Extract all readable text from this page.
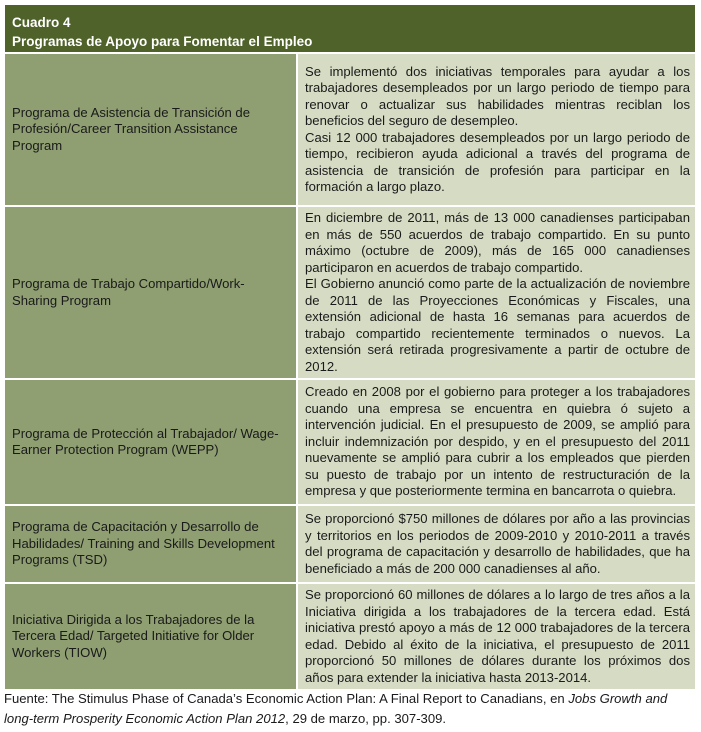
Cuadro 4
Programas de Apoyo para Fomentar el Empleo
Programa de Asistencia de Transición de Profesión/Career Transition Assistance Program	Se implementó dos iniciativas temporales para ayudar a los trabajadores desempleados por un largo periodo de tiempo para renovar o actualizar sus habilidades mientras reciblan los beneficios del seguro de desempleo.
Casi 12 000 trabajadores desempleados por un largo periodo de tiempo, recibieron ayuda adicional a través del programa de asistencia de transición de profesión para participar en la formación a largo plazo.

Programa de Trabajo Compartido/Work-Sharing Program	En diciembre de 2011, más de 13 000 canadienses participaban en más de 550 acuerdos de trabajo compartido. En su punto máximo (octubre de 2009), más de 165 000 canadienses participaron en acuerdos de trabajo compartido.
El Gobierno anunció como parte de la actualización de noviembre de 2011 de las Proyecciones Económicas y Fiscales, una extensión adicional de hasta 16 semanas para acuerdos de trabajo compartido recientemente terminados o nuevos. La extensión será retirada progresivamente a partir de octubre de 2012.

Programa de Protección al Trabajador/ Wage-Earner Protection Program (WEPP)	Creado en 2008 por el gobierno para proteger a los trabajadores cuando una empresa se encuentra en quiebra ó sujeto a intervención judicial. En el presupuesto de 2009, se amplió para incluir indemnización por despido, y en el presupuesto del 2011 nuevamente se amplió para cubrir a los empleados que pierden su puesto de trabajo por un intento de restructuración de la empresa y que posteriormente termina en bancarrota o quiebra.

Programa de Capacitación y Desarrollo de Habilidades/ Training and Skills Development Programs (TSD)	Se proporcionó $750 millones de dólares por año a las provincias y territorios en los periodos de 2009-2010 y 2010-2011 a través del programa de capacitación y desarrollo de habilidades, que ha beneficiado a más de 200 000 canadienses al año.

Iniciativa Dirigida a los Trabajadores de la Tercera Edad/ Targeted Initiative for Older Workers (TIOW)	Se proporcionó 60 millones de dólares a lo largo de tres años a la Iniciativa dirigida a los trabajadores de la tercera edad. Está iniciativa prestó apoyo a más de 12 000 trabajadores de la tercera edad. Debido al éxito de la iniciativa, el presupuesto de 2011 proporcionó 50 millones de dólares durante los próximos dos años para extender la iniciativa hasta 2013-2014.
Fuente: The Stimulus Phase of Canada’s Economic Action Plan: A Final Report to Canadians, en Jobs Growth and long-term Prosperity Economic Action Plan 2012, 29 de marzo, pp. 307-309.
